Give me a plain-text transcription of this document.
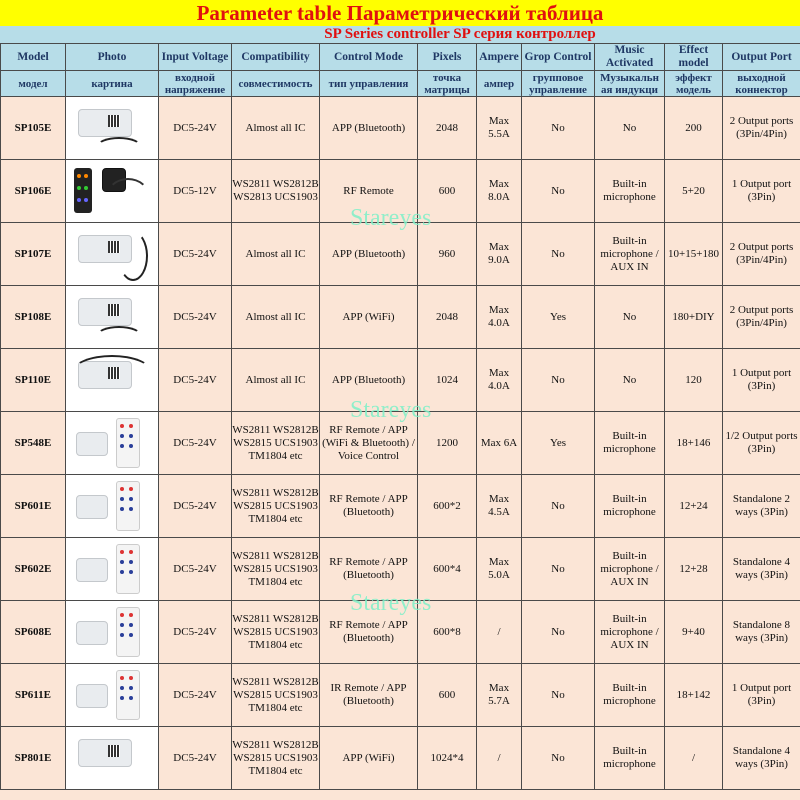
Parameter table Параметрический таблица
SP Series controller SP серия контроллер
Model	Photo	Input Voltage	Compatibility	Control Mode	Pixels	Ampere	Grop Control	Music Activated	Effect model	Output Port
модел	картина	входной напряжение	совместимость	тип управления	точка матрицы	ампер	групповое управление	Музыкальн ая индукци	эффект модель	выходной коннектор
SP105E		DC5-24V	Almost all IC	APP (Bluetooth)	2048	Max 5.5A	No	No	200	2 Output ports (3Pin/4Pin)
SP106E		DC5-12V	WS2811 WS2812B WS2813 UCS1903	RF Remote	600	Max 8.0A	No	Built-in microphone	5+20	1 Output port (3Pin)
SP107E		DC5-24V	Almost all IC	APP (Bluetooth)	960	Max 9.0A	No	Built-in microphone / AUX IN	10+15+180	2 Output ports (3Pin/4Pin)
SP108E		DC5-24V	Almost all IC	APP (WiFi)	2048	Max 4.0A	Yes	No	180+DIY	2 Output ports (3Pin/4Pin)
SP110E		DC5-24V	Almost all IC	APP (Bluetooth)	1024	Max 4.0A	No	No	120	1 Output port (3Pin)
SP548E		DC5-24V	WS2811 WS2812B WS2815 UCS1903 TM1804 etc	RF Remote / APP (WiFi & Bluetooth) / Voice Control	1200	Max 6A	Yes	Built-in microphone	18+146	1/2 Output ports (3Pin)
SP601E		DC5-24V	WS2811 WS2812B WS2815 UCS1903 TM1804 etc	RF Remote / APP (Bluetooth)	600*2	Max 4.5A	No	Built-in microphone	12+24	Standalone 2 ways (3Pin)
SP602E		DC5-24V	WS2811 WS2812B WS2815 UCS1903 TM1804 etc	RF Remote / APP (Bluetooth)	600*4	Max 5.0A	No	Built-in microphone / AUX IN	12+28	Standalone 4 ways (3Pin)
SP608E		DC5-24V	WS2811 WS2812B WS2815 UCS1903 TM1804 etc	RF Remote / APP (Bluetooth)	600*8	/	No	Built-in microphone / AUX IN	9+40	Standalone 8 ways (3Pin)
SP611E		DC5-24V	WS2811 WS2812B WS2815 UCS1903 TM1804 etc	IR Remote / APP (Bluetooth)	600	Max 5.7A	No	Built-in microphone	18+142	1 Output port (3Pin)
SP801E		DC5-24V	WS2811 WS2812B WS2815 UCS1903 TM1804 etc	APP (WiFi)	1024*4	/	No	Built-in microphone	/	Standalone 4 ways (3Pin)
Stareyes
Stareyes
Stareyes
